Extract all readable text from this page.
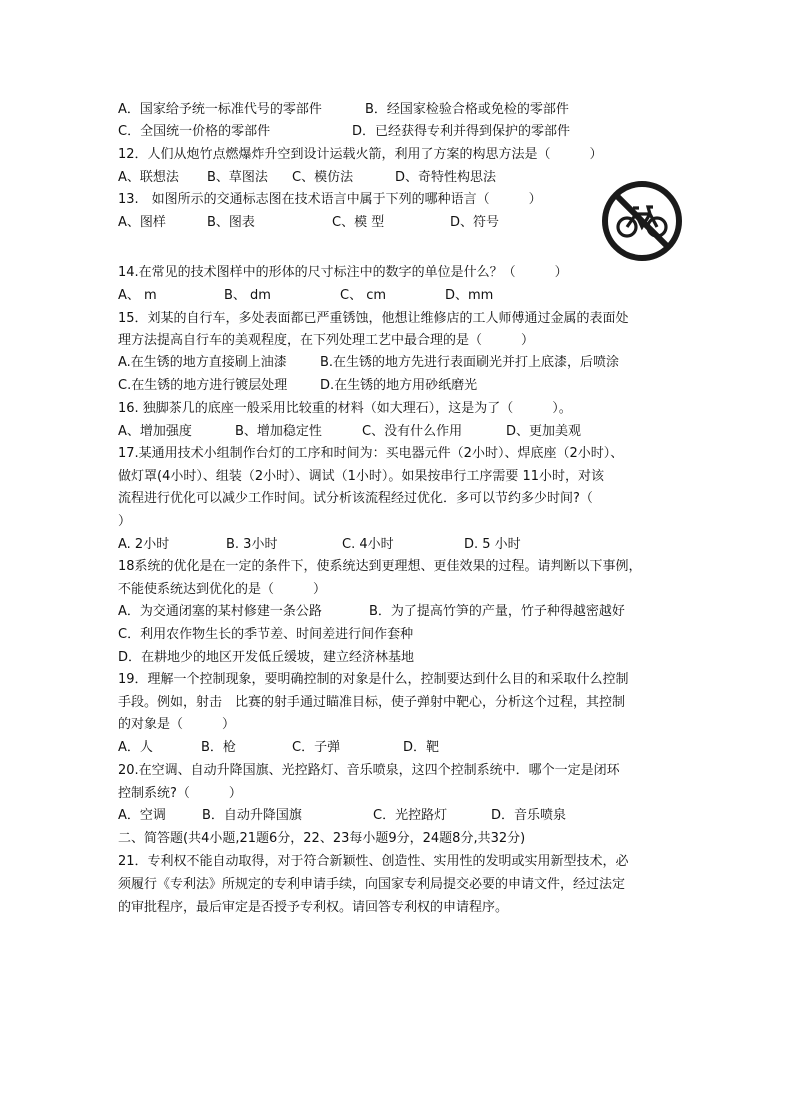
A．国家给予统一标准代号的零部件	B．经国家检验合格或免检的零部件
C．全国统一价格的零部件	D．已经获得专利并得到保护的零部件
12．人们从炮竹点燃爆炸升空到设计运载火箭，利用了方案的构思方法是（　　　）
A、联想法 B、草图法 C、模仿法	D、奇特性构思法
13.　如图所示的交通标志图在技术语言中属于下列的哪种语言（　　　）
A、图样	B、图表	C、模 型	D、符号
14.在常见的技术图样中的形体的尺寸标注中的数字的单位是什么？（　　　）
A、 m	B、 dm	C、 cm	D、mm
15．刘某的自行车，多处表面都已严重锈蚀，他想让维修店的工人师傅通过金属的表面处
理方法提高自行车的美观程度，在下列处理工艺中最合理的是（　　　）
A.在生锈的地方直接刷上油漆	B.在生锈的地方先进行表面刷光并打上底漆，后喷涂
C.在生锈的地方进行镀层处理	D.在生锈的地方用砂纸磨光
16. 独脚茶几的底座一般采用比较重的材料（如大理石），这是为了（　　　）。
A、增加强度	B、增加稳定性	C、没有什么作用	D、更加美观
17.某通用技术小组制作台灯的工序和时间为：买电器元件（2小时）、焊底座（2小时）、
做灯罩(4小时）、组装（2小时）、调试（1小时）。如果按串行工序需要 11小时，对该
流程进行优化可以减少工作时间。试分析该流程经过优化．多可以节约多少时间?（
）
A. 2小时	B. 3小时	C. 4小时	D. 5 小时
18系统的优化是在一定的条件下，使系统达到更理想、更佳效果的过程。请判断以下事例，
不能使系统达到优化的是（　　　）
A．为交通闭塞的某村修建一条公路	B．为了提高竹笋的产量，竹子种得越密越好
C．利用农作物生长的季节差、时间差进行间作套种
D．在耕地少的地区开发低丘缓坡，建立经济林基地
19．理解一个控制现象，要明确控制的对象是什么，控制要达到什么目的和采取什么控制
手段。例如，射击　比赛的射手通过瞄准目标，使子弹射中靶心，分析这个过程，其控制
的对象是（　　　）
A．人	B．枪	C．子弹	D．靶
20.在空调、自动升降国旗、光控路灯、音乐喷泉，这四个控制系统中．哪个一定是闭环
控制系统?（　　　）
A．空调	B．自动升降国旗	C．光控路灯	D．音乐喷泉
二、简答题(共4小题,21题6分，22、23每小题9分，24题8分,共32分)
21．专利权不能自动取得，对于符合新颖性、创造性、实用性的发明或实用新型技术，必
须履行《专利法》所规定的专利申请手续，向国家专利局提交必要的申请文件，经过法定
的审批程序，最后审定是否授予专利权。请回答专利权的申请程序。
